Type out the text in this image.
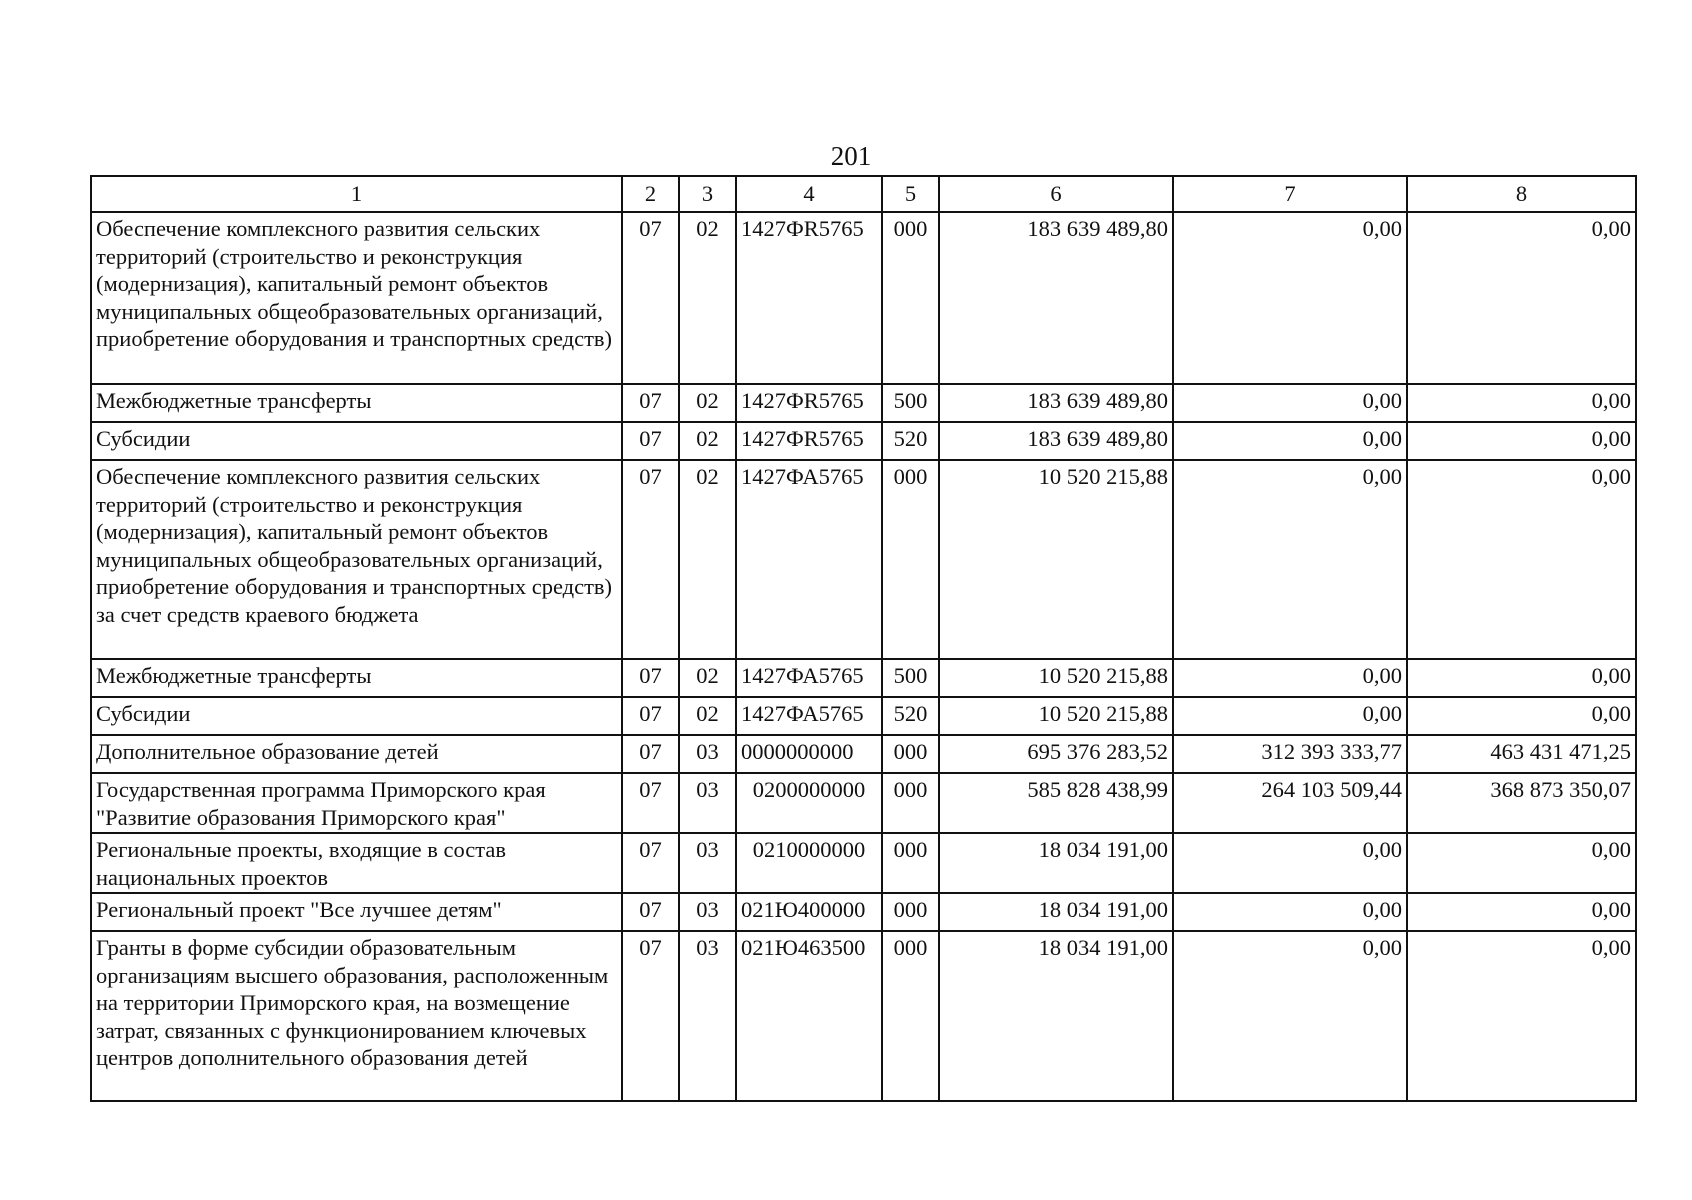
201
1	2	3	4	5	6	7	8
Обеспечение комплексного развития сельских территорий (строительство и реконструкция (модернизация), капитальный ремонт объектов муниципальных общеобразовательных организаций, приобретение оборудования и транспортных средств)	07	02	1427ФR5765	000	183 639 489,80	0,00	0,00
Межбюджетные трансферты	07	02	1427ФR5765	500	183 639 489,80	0,00	0,00
Субсидии	07	02	1427ФR5765	520	183 639 489,80	0,00	0,00
Обеспечение комплексного развития сельских территорий (строительство и реконструкция (модернизация), капитальный ремонт объектов муниципальных общеобразовательных организаций, приобретение оборудования и транспортных средств) за счет средств краевого бюджета	07	02	1427ФА5765	000	10 520 215,88	0,00	0,00
Межбюджетные трансферты	07	02	1427ФА5765	500	10 520 215,88	0,00	0,00
Субсидии	07	02	1427ФА5765	520	10 520 215,88	0,00	0,00
Дополнительное образование детей	07	03	0000000000	000	695 376 283,52	312 393 333,77	463 431 471,25
Государственная программа Приморского края "Развитие образования Приморского края"	07	03	0200000000	000	585 828 438,99	264 103 509,44	368 873 350,07
Региональные проекты, входящие в состав национальных проектов	07	03	0210000000	000	18 034 191,00	0,00	0,00
Региональный проект "Все лучшее детям"	07	03	021Ю400000	000	18 034 191,00	0,00	0,00
Гранты в форме субсидии образовательным организациям высшего образования, расположенным на территории Приморского края, на возмещение затрат, связанных с функционированием ключевых центров дополнительного образования детей	07	03	021Ю463500	000	18 034 191,00	0,00	0,00
